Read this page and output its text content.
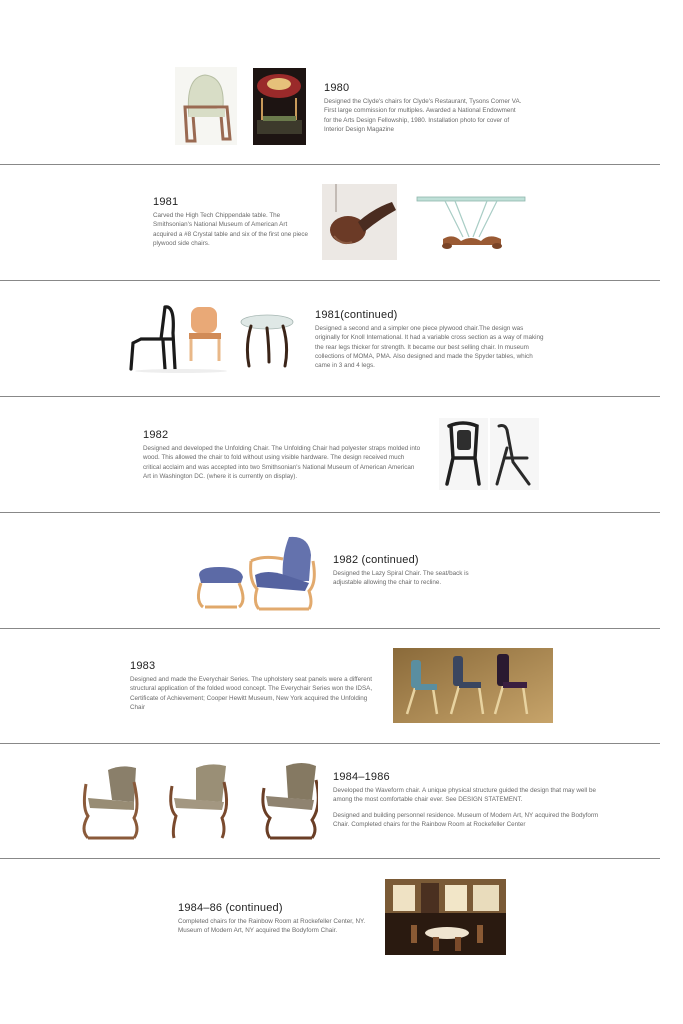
1980

Designed the Clyde's chairs for Clyde's Restaurant, Tysons Corner VA. First large commission for multiples. Awarded a National Endowment for the Arts Design Fellowship, 1980. Installation photo for cover of Interior Design Magazine

1981

Carved the High Tech Chippendale table. The Smithsonian's National Museum of American Art acquired a #8 Crystal table and six of the first one piece plywood side chairs.

1981(continued)

Designed a second and a simpler one piece plywood chair.The design was originally for Knoll International. It had a variable cross section as a way of making the rear legs thicker for strength. It became our best selling chair. In museum collections of MOMA, PMA. Also designed and made the Spyder tables, which came in 3 and 4 legs.

1982

Designed and developed the Unfolding Chair. The Unfolding Chair had polyester straps molded into wood. This allowed the chair to fold without using visible hardware. The design received much critical acclaim and was accepted into two Smithsonian's National Museum of American American Art in Washington DC. (where it is currently on display).

1982 (continued)

Designed the Lazy Spiral Chair. The seat/back is adjustable allowing the chair to recline.

1983

Designed and made the Everychair Series. The upholstery seat panels were a different structural application of the folded wood concept. The Everychair Series won the IDSA, Certificate of Achievement; Cooper Hewitt Museum, New York acquired the Unfolding Chair

1984–1986

Developed the Waveform chair. A unique physical structure guided the design that may well be among the most comfortable chair ever. See DESIGN STATEMENT.

Designed and building personnel residence. Museum of Modern Art, NY acquired the Bodyform Chair. Completed chairs for the Rainbow Room at Rockefeller Center

1984–86 (continued)

Completed chairs for the Rainbow Room at Rockefeller Center, NY. Museum of Modern Art, NY acquired the Bodyform Chair.
